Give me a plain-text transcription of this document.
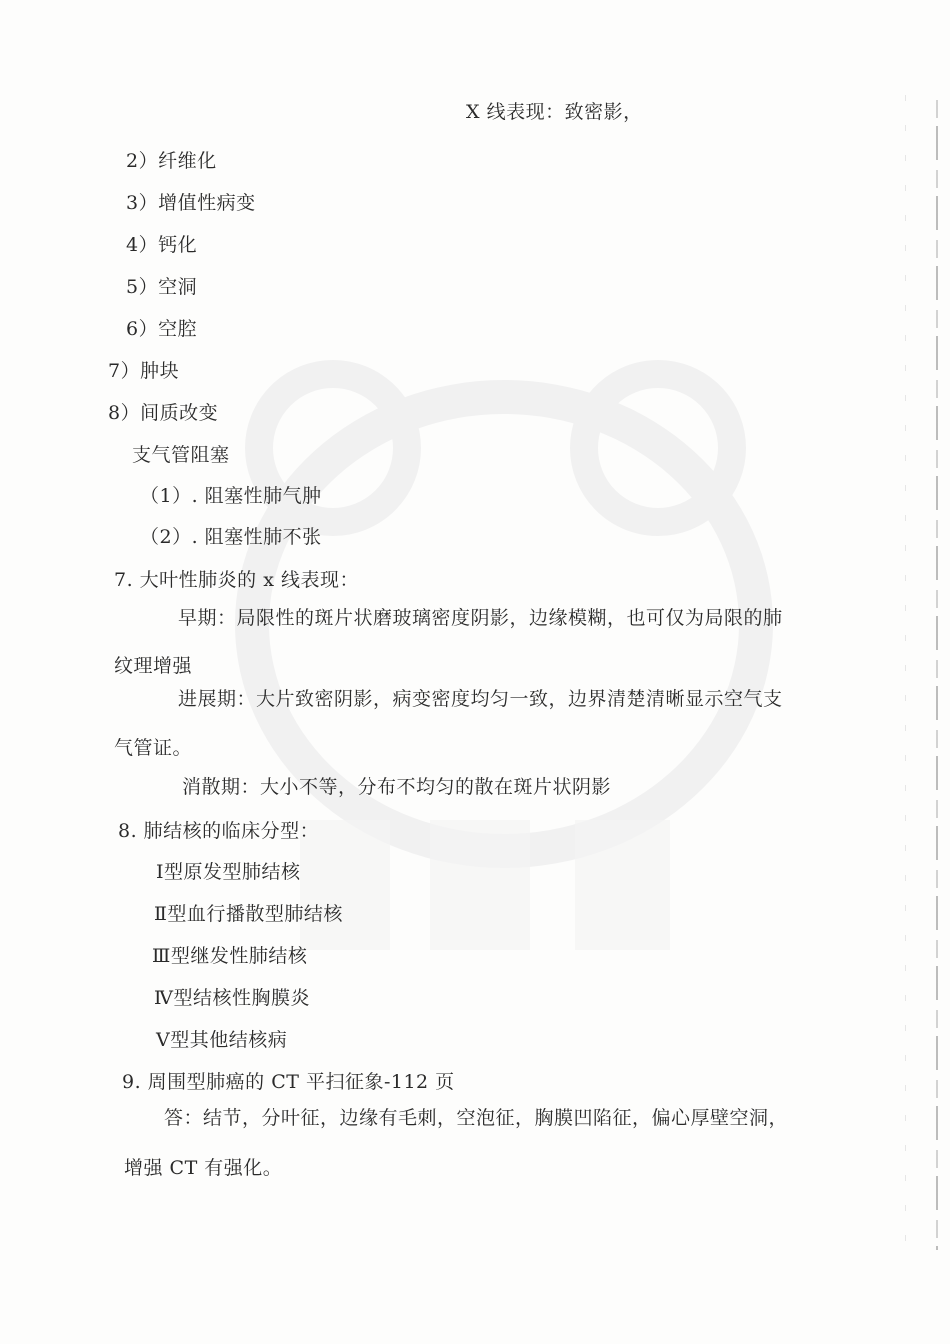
X 线表现：致密影，
2）纤维化
3）增值性病变
4）钙化
5）空洞
6）空腔
7）肿块
8）间质改变
支气管阻塞
（1）. 阻塞性肺气肿
（2）. 阻塞性肺不张
7. 大叶性肺炎的 x 线表现：
早期：局限性的斑片状磨玻璃密度阴影，边缘模糊，也可仅为局限的肺
纹理增强
进展期：大片致密阴影，病变密度均匀一致，边界清楚清晰显示空气支
气管证。
消散期：大小不等，分布不均匀的散在斑片状阴影
8. 肺结核的临床分型：
Ⅰ型原发型肺结核
Ⅱ型血行播散型肺结核
Ⅲ型继发性肺结核
Ⅳ型结核性胸膜炎
Ⅴ型其他结核病
9. 周围型肺癌的 CT 平扫征象-112 页
答：结节，分叶征，边缘有毛刺，空泡征，胸膜凹陷征，偏心厚壁空洞，
增强 CT 有强化。
